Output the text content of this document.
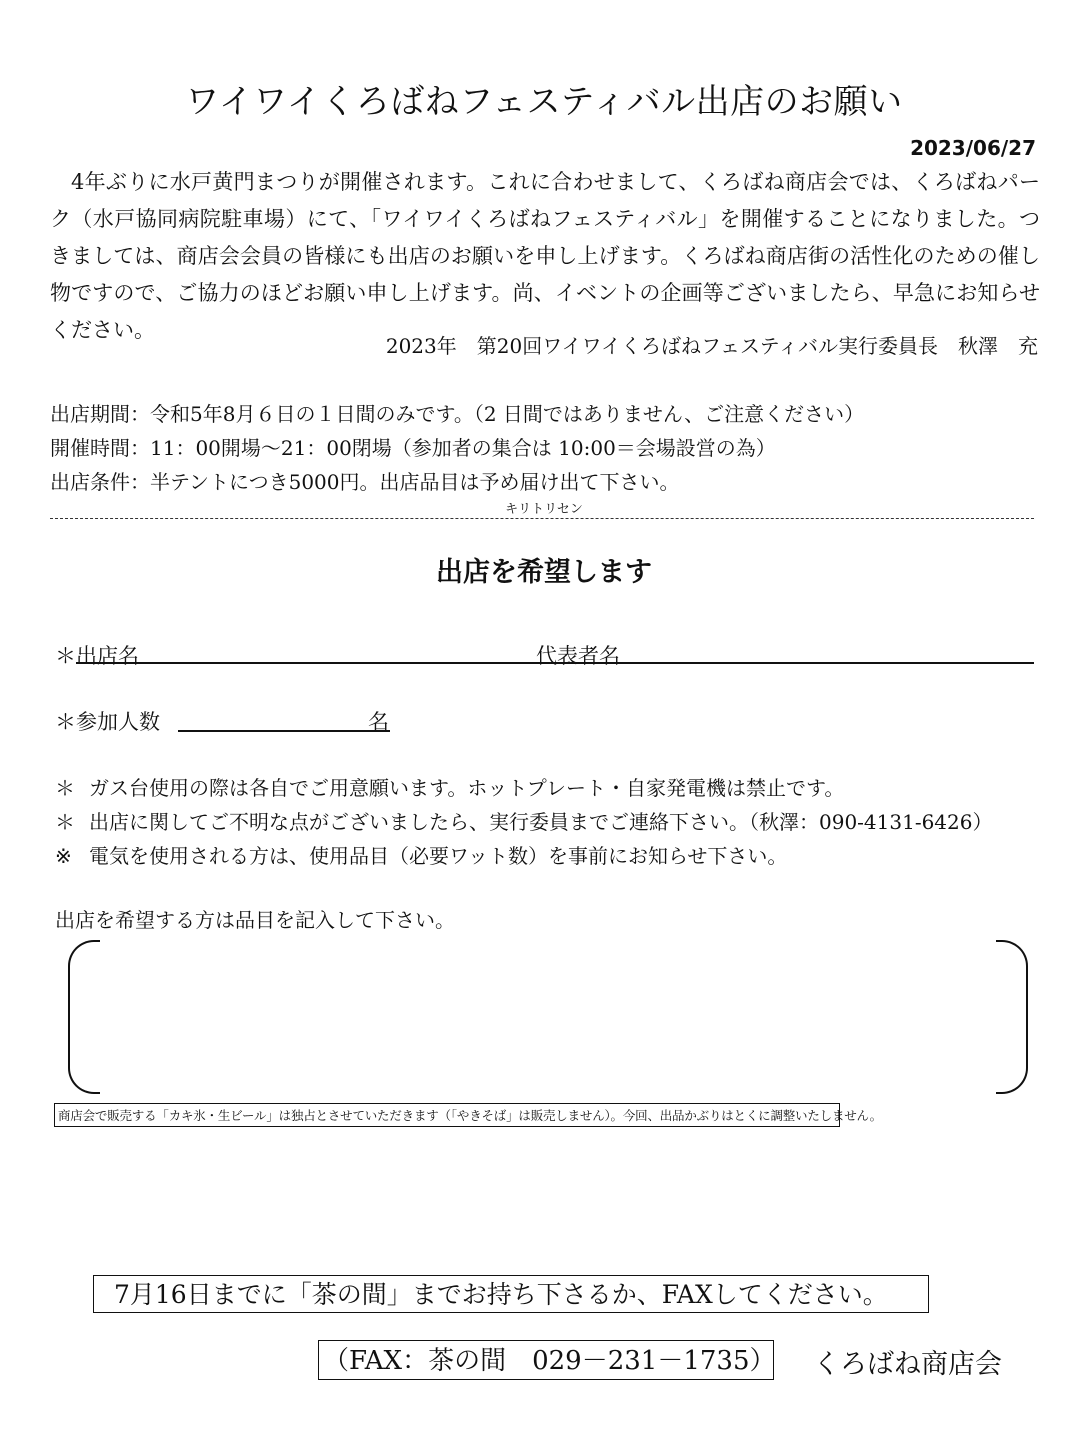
ワイワイくろばねフェスティバル出店のお願い
2023/06/27

4年ぶりに水戸黄門まつりが開催されます。これに合わせまして、くろばね商店会では、くろばねパーク（水戸協同病院駐車場）にて、「ワイワイくろばねフェスティバル」を開催することになりました。つきましては、商店会会員の皆様にも出店のお願いを申し上げます。くろばね商店街の活性化のための催し物ですので、ご協力のほどお願い申し上げます。尚、イベントの企画等ございましたら、早急にお知らせください。

2023年　第20回ワイワイくろばねフェスティバル実行委員長　秋澤　充
出店期間：令和5年8月６日の１日間のみです。（2 日間ではありません、ご注意ください）
開催時間：11：00開場～21：00閉場（参加者の集合は 10:00＝会場設営の為）
出店条件：半テントにつき5000円。出店品目は予め届け出て下さい。
キリトリセン
出店を希望します
＊出店名	代表者名
＊参加人数	名
＊ ガス台使用の際は各自でご用意願います。ホットプレート・自家発電機は禁止です。
＊ 出店に関してご不明な点がございましたら、実行委員までご連絡下さい。（秋澤：090-4131-6426）
※ 電気を使用される方は、使用品目（必要ワット数）を事前にお知らせ下さい。
出店を希望する方は品目を記入して下さい。
商店会で販売する「カキ氷・生ビール」は独占とさせていただきます（「やきそば」は販売しません）。今回、出品かぶりはとくに調整いたしません。
7月16日までに「茶の間」までお持ち下さるか、FAXしてください。
（FAX：茶の間　029－231－1735） くろばね商店会
